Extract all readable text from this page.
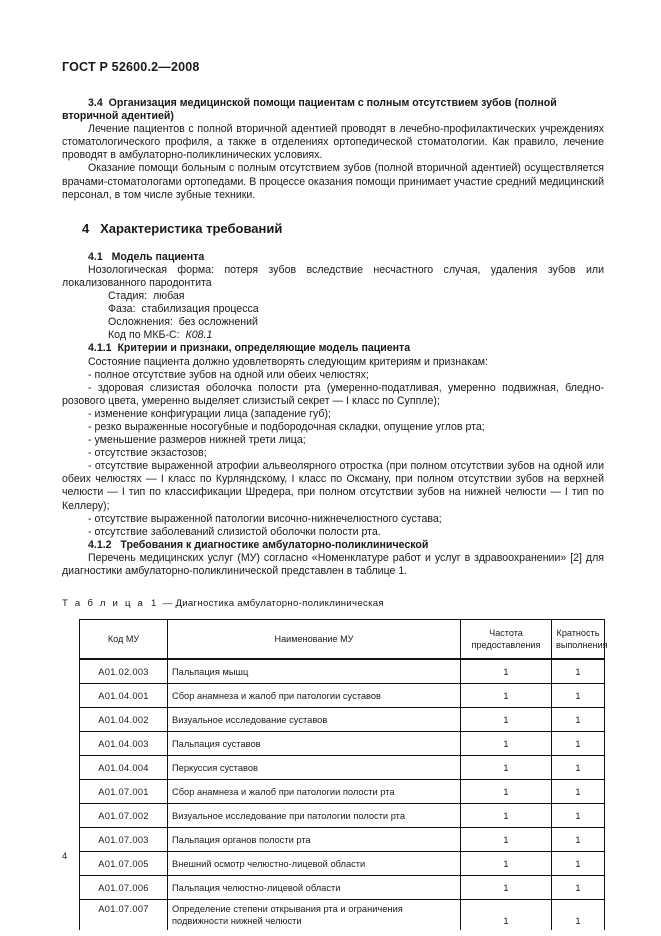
ГОСТ Р 52600.2—2008

3.4 Организация медицинской помощи пациентам с полным отсутствием зубов (полной вторичной адентией)

Лечение пациентов с полной вторичной адентией проводят в лечебно-профилактических учреждениях стоматологического профиля, а также в отделениях ортопедической стоматологии. Как правило, лечение проводят в амбулаторно-поликлинических условиях.

Оказание помощи больным с полным отсутствием зубов (полной вторичной адентией) осуществляется врачами-стоматологами ортопедами. В процессе оказания помощи принимает участие средний медицинский персонал, в том числе зубные техники.

4 Характеристика требований

4.1 Модель пациента

Нозологическая форма: потеря зубов вследствие несчастного случая, удаления зубов или локализованного пародонтита

Стадия: любая

Фаза: стабилизация процесса

Осложнения: без осложнений

Код по МКБ-С: К08.1

4.1.1 Критерии и признаки, определяющие модель пациента

Состояние пациента должно удовлетворять следующим критериям и признакам:

- полное отсутствие зубов на одной или обеих челюстях;

- здоровая слизистая оболочка полости рта (умеренно-податливая, умеренно подвижная, бледно-розового цвета, умеренно выделяет слизистый секрет — I класс по Суппле);

- изменение конфигурации лица (западение губ);

- резко выраженные носогубные и подбородочная складки, опущение углов рта;

- уменьшение размеров нижней трети лица;

- отсутствие экзастозов;

- отсутствие выраженной атрофии альвеолярного отростка (при полном отсутствии зубов на одной или обеих челюстях — I класс по Курляндскому, I класс по Оксману, при полном отсутствии зубов на верхней челюсти — I тип по классификации Шредера, при полном отсутствии зубов на нижней челюсти — I тип по Келлеру);

- отсутствие выраженной патологии височно-нижнечелюстного сустава;

- отсутствие заболеваний слизистой оболочки полости рта.

4.1.2 Требования к диагностике амбулаторно-поликлинической

Перечень медицинских услуг (МУ) согласно «Номенклатуре работ и услуг в здравоохранении» [2] для диагностики амбулаторно-поликлинической представлен в таблице 1.

Т а б л и ц а 1 — Диагностика амбулаторно-поликлиническая

Код МУ	Наименование МУ	Частота предоставления	Кратность выполнения
А01.02.003	Пальпация мышц	1	1
А01.04.001	Сбор анамнеза и жалоб при патологии суставов	1	1
А01.04.002	Визуальное исследование суставов	1	1
А01.04.003	Пальпация суставов	1	1
А01.04.004	Перкуссия суставов	1	1
А01.07.001	Сбор анамнеза и жалоб при патологии полости рта	1	1
А01.07.002	Визуальное исследование при патологии полости рта	1	1
А01.07.003	Пальпация органов полости рта	1	1
А01.07.005	Внешний осмотр челюстно-лицевой области	1	1
А01.07.006	Пальпация челюстно-лицевой области	1	1
А01.07.007	Определение степени открывания рта и ограничения подвижности нижней челюсти	1	1
4
